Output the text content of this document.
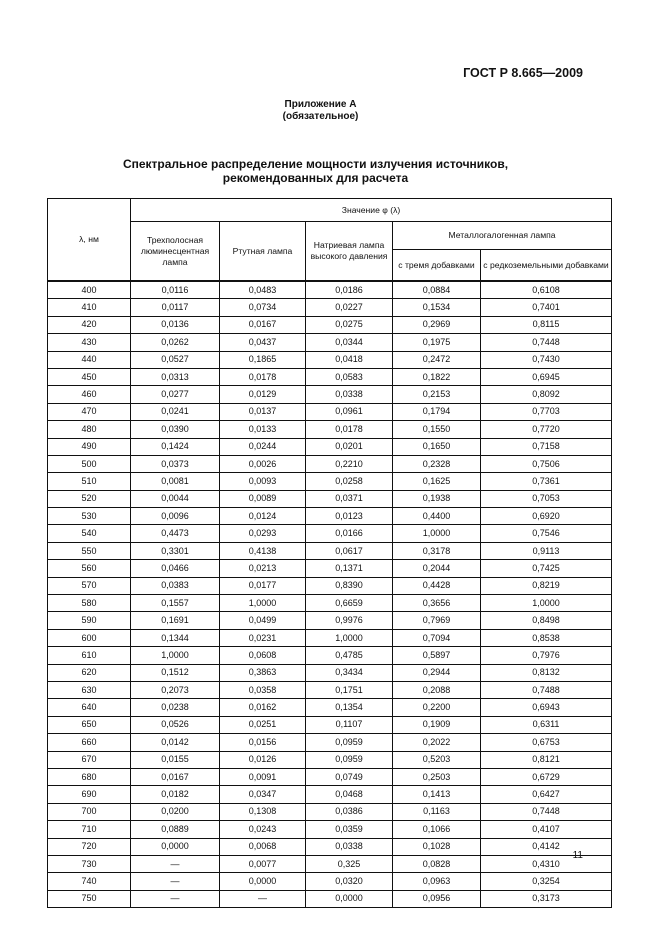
ГОСТ Р 8.665—2009
Приложение А
(обязательное)
Спектральное распределение мощности излучения источников,
рекомендованных для расчета
λ, нм	Значение φ (λ)				
	Трехполосная люминесцентная лампа	Ртутная лампа	Натриевая лампа высокого давления	Металлогалогенная лампа	
				с тремя добавками	с редкоземельными добавками
400	0,0116	0,0483	0,0186	0,0884	0,6108
410	0,0117	0,0734	0,0227	0,1534	0,7401
420	0,0136	0,0167	0,0275	0,2969	0,8115
430	0,0262	0,0437	0,0344	0,1975	0,7448
440	0,0527	0,1865	0,0418	0,2472	0,7430
450	0,0313	0,0178	0,0583	0,1822	0,6945
460	0,0277	0,0129	0,0338	0,2153	0,8092
470	0,0241	0,0137	0,0961	0,1794	0,7703
480	0,0390	0,0133	0,0178	0,1550	0,7720
490	0,1424	0,0244	0,0201	0,1650	0,7158
500	0,0373	0,0026	0,2210	0,2328	0,7506
510	0,0081	0,0093	0,0258	0,1625	0,7361
520	0,0044	0,0089	0,0371	0,1938	0,7053
530	0,0096	0,0124	0,0123	0,4400	0,6920
540	0,4473	0,0293	0,0166	1,0000	0,7546
550	0,3301	0,4138	0,0617	0,3178	0,9113
560	0,0466	0,0213	0,1371	0,2044	0,7425
570	0,0383	0,0177	0,8390	0,4428	0,8219
580	0,1557	1,0000	0,6659	0,3656	1,0000
590	0,1691	0,0499	0,9976	0,7969	0,8498
600	0,1344	0,0231	1,0000	0,7094	0,8538
610	1,0000	0,0608	0,4785	0,5897	0,7976
620	0,1512	0,3863	0,3434	0,2944	0,8132
630	0,2073	0,0358	0,1751	0,2088	0,7488
640	0,0238	0,0162	0,1354	0,2200	0,6943
650	0,0526	0,0251	0,1107	0,1909	0,6311
660	0,0142	0,0156	0,0959	0,2022	0,6753
670	0,0155	0,0126	0,0959	0,5203	0,8121
680	0,0167	0,0091	0,0749	0,2503	0,6729
690	0,0182	0,0347	0,0468	0,1413	0,6427
700	0,0200	0,1308	0,0386	0,1163	0,7448
710	0,0889	0,0243	0,0359	0,1066	0,4107
720	0,0000	0,0068	0,0338	0,1028	0,4142
730	—	0,0077	0,325	0,0828	0,4310
740	—	0,0000	0,0320	0,0963	0,3254
750	—	—	0,0000	0,0956	0,3173
11
